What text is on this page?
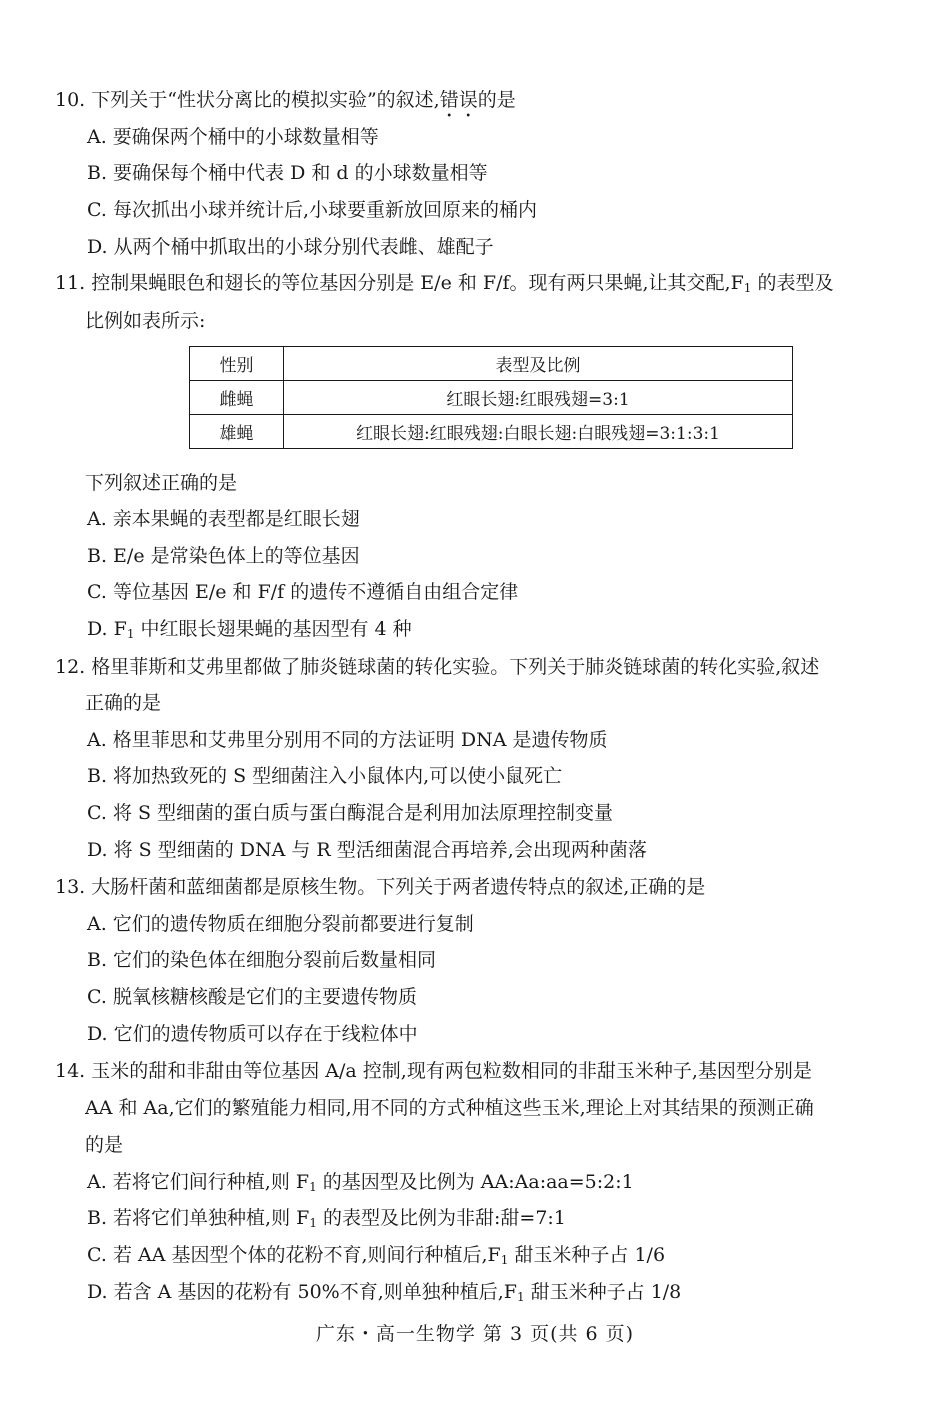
10. 下列关于“性状分离比的模拟实验”的叙述,错误的是
A. 要确保两个桶中的小球数量相等
B. 要确保每个桶中代表 D 和 d 的小球数量相等
C. 每次抓出小球并统计后,小球要重新放回原来的桶内
D. 从两个桶中抓取出的小球分别代表雌、雄配子
11. 控制果蝇眼色和翅长的等位基因分别是 E/e 和 F/f。现有两只果蝇,让其交配$,F_1$ 的表型及
比例如表所示:
性别	表型及比例
雌蝇	红眼长翅:红眼残翅=3:1
雄蝇	红眼长翅:红眼残翅:白眼长翅:白眼残翅=3:1:3:1
下列叙述正确的是
A. 亲本果蝇的表型都是红眼长翅
B. E/e 是常染色体上的等位基因
C. 等位基因 E/e 和 F/f 的遗传不遵循自由组合定律
D. $F_1$ 中红眼长翅果蝇的基因型有 4 种
12. 格里菲斯和艾弗里都做了肺炎链球菌的转化实验。下列关于肺炎链球菌的转化实验,叙述
正确的是
A. 格里菲思和艾弗里分别用不同的方法证明 DNA 是遗传物质
B. 将加热致死的 S 型细菌注入小鼠体内,可以使小鼠死亡
C. 将 S 型细菌的蛋白质与蛋白酶混合是利用加法原理控制变量
D. 将 S 型细菌的 DNA 与 R 型活细菌混合再培养,会出现两种菌落
13. 大肠杆菌和蓝细菌都是原核生物。下列关于两者遗传特点的叙述,正确的是
A. 它们的遗传物质在细胞分裂前都要进行复制
B. 它们的染色体在细胞分裂前后数量相同
C. 脱氧核糖核酸是它们的主要遗传物质
D. 它们的遗传物质可以存在于线粒体中
14. 玉米的甜和非甜由等位基因 A/a 控制,现有两包粒数相同的非甜玉米种子,基因型分别是
AA 和 Aa,它们的繁殖能力相同,用不同的方式种植这些玉米,理论上对其结果的预测正确
的是
A. 若将它们间行种植,则 $F_1$ 的基因型及比例为 AA:Aa:aa=5:2:1
B. 若将它们单独种植,则 $F_1$ 的表型及比例为非甜:甜=7:1
C. 若 AA 基因型个体的花粉不育,则间行种植后$,F_1$ 甜玉米种子占 1/6
D. 若含 A 基因的花粉有 50%不育,则单独种植后$,F_1$ 甜玉米种子占 1/8
广东・高一生物学 第 3 页(共 6 页)
